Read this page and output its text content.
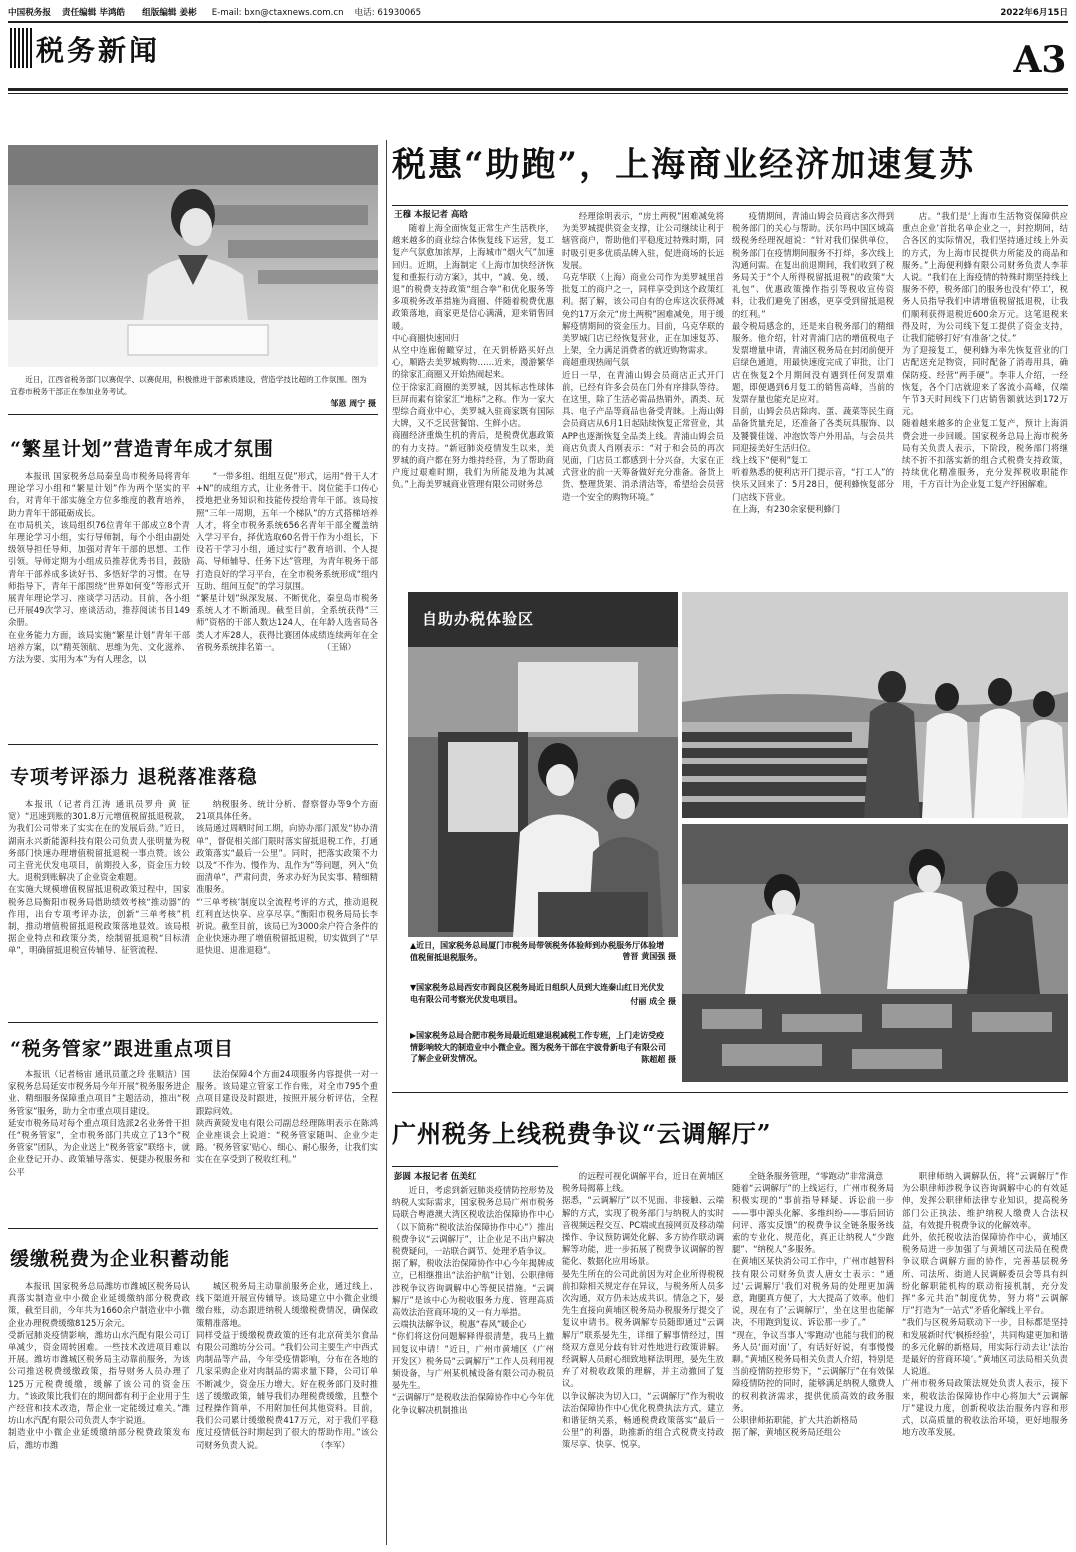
中国税务报 责任编辑 毕鸿皓 组版编辑 姜彬 E-mail: bxn@ctaxnews.com.cn 电话: 61930065	2022年6月15日
税务新闻	A3
近日，江西省税务部门以赛促学、以赛促用，积极推进干部素质建设，营造学技比超的工作氛围。图为宜春市税务干部正在参加业务考试。
邹恩 周宁 摄
“繁星计划”营造青年成才氛围
本报讯 国家税务总局秦皇岛市税务局将青年理论学习小组和“繁星计划”作为两个坚实的平台，对青年干部实施全方位多维度的教育培养，助力青年干部砥砺成长。
在市局机关，该局组织76位青年干部成立8个青年理论学习小组，实行导师制，每个小组由副处级领导担任导师，加强对青年干部的思想、工作引领。导师定期为小组成员推荐优秀书目，鼓励青年干部养成多读好书、多悟好学的习惯。在导师指导下，青年干部围绕“世界如何变”等形式开展青年理论学习、座谈学习活动。目前，各小组已开展49次学习、座谈活动，推荐阅读书目149余册。
在业务能力方面，该局实施“繁星计划”青年干部培养方案，以“精英领航、思维为先、文化滋养、方法为要、实用为本”为有人理念，以
“一带多组、组组互促”形式，运用“骨干人才+N”的成组方式，让业务骨干、岗位能手口传心授地把业务知识和技能传授给青年干部。该局按照“三年一周期，五年一个梯队”的方式搭梯培养人才，将全市税务系统656名青年干部全覆盖纳入学习平台，择优选取60名骨干作为小组长，下设若干学习小组，通过实行“教育培训、个人提高、导师辅导、任务下达”管理，为青年税务干部打造良好的学习平台，在全市税务系统形成“组内互助、组间互促”的学习氛围。
“繁星计划”纵深发展、不断优化，秦皇岛市税务系统人才不断涌现。截至目前，全系统获得“三师”资格的干部人数达124人，在年龄人选省局各类人才库28人，获得比赛团体成绩连续两年在全省税务系统排名第一。                （王锦）
专项考评添力 退税落准落稳
本报讯（记者肖江涛 通讯员罗舟 黄 征宽）“迅速到账的301.8万元增值税留抵退税款，为我们公司带来了实实在在的发展后劲。”近日，湖南永兴新能源科技有限公司负责人张明量为税务部门快速办理增值税留抵退税一事点赞。该公司主营光伏发电项目，前期投入多，资金压力较大。退税到账解决了企业资金难题。
在实施大规模增值税留抵退税政策过程中，国家税务总局衡阳市税务局借助绩效考核“推动器”的作用，出台专项考评办法，创新“三单考核”机制，推动增值税留抵退税政策落地显效。该局根据企业特点和政策分类，绘制留抵退税“目标清单”，明确留抵退税宣传辅导、征管流程、
纳税服务、统计分析、督察督办等9个方面21项具体任务。
该局通过周晒时间工期，向协办部门派发“协办清单”，督促相关部门限时落实留抵退税工作，打通政策落实“最后一公里”。同时，把落实政策不力以及“不作为、慢作为、乱作为”等问题，列入“负面清单”，严肃问责，务求办好为民实事、精细精准服务。
“‘三单考核’制度以全流程考评的方式，推动退税红利直达快享、应享尽享。”衡阳市税务局局长李祈说。截至目前，该局已为3000余户符合条件的企业快速办理了增值税留抵退税，切实做到了“早退快退、退准退稳”。
“税务管家”跟进重点项目
本报讯（记者杨宙 通讯员董之玲 张顺洁）国家税务总局延安市税务局今年开展“税务服务进企业、精细服务保障重点项目”主题活动，推出“税务管家”服务，助力全市重点项目建设。
延安市税务局对每个重点项目选派2名业务骨干担任“税务管家”，全市税务部门共成立了13个“税务管家”团队，为企业送上“税务管家”联络卡，就企业登记开办、政策辅导落实、便捷办税服务和公平
法治保障4个方面24项服务内容提供一对一服务。该局建立管家工作台账，对全市795个重点项目建设及时跟进，按照开展分析评估，全程跟踪问效。
陕西黄陵发电有限公司副总经理陈明表示在陈鸿企业座谈会上说道：“税务管家随叫、企业少走路。‘税务管家’贴心、细心、耐心服务，让我们实实在在享受到了税收红利。”
缓缴税费为企业积蓄动能
本报讯 国家税务总局潍坊市潍城区税务局认真落实制造业中小微企业延缓缴纳部分税费政策，截至目前，今年共为1660余户制造业中小微企业办理税费缓缴8125万余元。
受新冠肺炎疫情影响，潍坊山水汽配有限公司订单减少，资金周转困难。一些技术改进项目难以开展。潍坊市潍城区税务局主动靠前服务，为该公司推送税费缓缴政策，指导财务人员办理了125万元税费缓缴，缓解了该公司的资金压力。“该政策比我们在的期间都有利于企业用于生产经营和技术改造，帮企业一定能缓过难关。”潍坊山水汽配有限公司负责人李宇说道。
制造业中小微企业延缓缴纳部分税费政策发布后，潍坊市潍
城区税务局主动靠前服务企业，通过线上、线下渠道开展宣传辅导。该局建立中小微企业缓缴台账，动态跟进纳税人缓缴税费情况，确保政策精准落地。
同样受益于缓缴税费政策的还有北京荷美尔食品有限公司潍坊分公司。“我们公司主要生产中西式肉制品等产品，今年受疫情影响，分布在各地的几家采购企业对肉制品的需求量下降，公司订单不断减少，资金压力增大。好在税务部门及时推送了缓缴政策，辅导我们办理税费缓缴，且整个过程操作简单，不用附加任何其他资料。目前，我们公司累计缓缴税费417万元，对于我们平稳度过疫情低谷时期起到了很大的帮助作用。”该公司财务负责人说。                    （李军）
税惠“助跑”，上海商业经济加速复苏
王穆 本报记者 高晗
随着上海全面恢复正常生产生活秩序，越来越多的商业综合体恢复线下运营，复工复产气氛愈加浓厚，上海城市“烟火气”加速回归。近期，上海制定《上海市加快经济恢复和重振行动方案》，其中，“减、免、缓、退”的税费支持政策“组合拳”和优化服务等多项税务改革措施为商圈、伴随着税费优惠政策落地，商家更是信心满满，迎来销售回暖。
中心商圈快速回归
从空中连廊俯瞰穿过，在天钥桥路买好点心，顺路去美罗城购物……近来，漫游繁华的徐家汇商圈又开始热闹起来。
位于徐家汇商圈的美罗城，因其标志性球体巨屏而素有徐家汇“地标”之称。作为一家大型综合商业中心，美罗城入驻商家既有国际大牌，又不乏民营餐馆、生鲜小店。
商圈经济重焕生机的背后，是税费优惠政策的有力支持。“新冠肺炎疫情发生以来，美罗城的商户都在努力维持经营，为了帮助商户度过艰难时期，我们为所能及地为其减负。”上海美罗城商业管理有限公司财务总
经理徐明表示，“房土两税”困难减免将为美罗城提供资金支撑，让公司继续让利于辖管商户，帮助他们平稳度过特殊时期，同时吸引更多优质品牌入驻，促进商场的长远发展。
乌克华联（上海）商业公司作为美罗城里首批复工的商户之一，同样享受到这个政策红利。据了解，该公司自有的仓库这次获得减免约17万余元“房土两税”困难减免，用于缓解疫情期间的资金压力。目前，乌克华联的美罗城门店已经恢复营业，正在加速复苏、上架，全力满足消费者的就近购物需求。
商超重现热闹气氛
近日一早，在青浦山姆会员商店正式开门前，已经有许多会员在门外有序排队等待。在这里，除了生活必需品热销外，酒类、玩具、电子产品等商品也备受青睐。上海山姆会员商店从6月1日起陆续恢复正常营业，其APP也逐渐恢复全品类上线。青浦山姆会员商店负责人肖刚表示：“对于和会员的再次见面，门店员工都感到十分兴奋，大家在正式营业的前一天筹备做好充分准备。备货上货、整理货架、消杀清洁等，希望给会员营造一个安全的购物环境。”
疫情期间，青浦山姆会员商店多次得到税务部门的关心与帮助。沃尔玛中国区域高级税务经理祝超说：“针对我们保供单位，税务部门在疫情期间服务不打烊，多次线上沟通问需。在复出前退期间，我们收到了税务局关于“个人所得税留抵退税”的政策“大礼包”、优惠政策操作指引等税收宣传资料，让我们避免了困惑，更享受到留抵退税的红利。”
最令税局感念的，还是来自税务部门的精细服务。他介绍，针对青浦门店的增值税电子发票增量申请，青浦区税务局在封闭前便开启绿色通道，用最快速度完成了审批，让门店在恢复2个月期间没有遇到任何发票难题，即便遇到6月复工的销售高峰，当前的发票存量也能充足应对。
目前，山姆会员店除肉、蛋、蔬菜等民生商品备货量充足，还准备了各类玩具服饰、以及饕餮佳馐、冲泡饮等户外用品，与会员共同迎接美好生活归位。
线上线下“便利”复工
听着熟悉的便利店开门提示音，“打工人”的快乐又回来了：5月28日，便利蜂恢复部分门店线下营业。
在上海，有230余家便利蜂门
店。“我们是‘上海市生活物资保障供应重点企业’首批名单企业之一，封控期间，结合各区的实际情况，我们坚持通过线上外卖的方式，为上海市民提供力所能及的商品和服务。”上海便利蜂有限公司财务负责人李菲人说。“我们在上海疫情的特殊时期坚持线上服务不停，税务部门的服务也没有‘停工’，税务人员指导我们申请增值税留抵退税，让我们顺利获得退税近600余万元。这笔退税来得及时，为公司线下复工提供了资金支持，让我们能够打好‘有准备’之仗。”
为了迎接复工，便利蜂为率先恢复营业的门店配送充足物资，同时配备了消毒用具，确保防疫、经营“两手硬”。李菲人介绍，一经恢复，各个门店就迎来了客流小高峰，仅端午节3天时间线下门店销售额就达到172万元。
随着越来越多的企业复工复产，预计上海消费会进一步回暖。国家税务总局上海市税务局有关负责人表示，下阶段，税务部门将继续不折不扣落实新的组合式税费支持政策，持续优化精准服务，充分发挥税收职能作用，千方百计为企业复工复产纾困解难。
自助办税体验区
▲近日，国家税务总局厦门市税务局带领税务体验师到办税服务厅体验增值税留抵退税服务。	曾晋 黄国强 摄
▼国家税务总局西安市阎良区税务局近日组织人员到大连秦山红日光伏发电有限公司考察光伏发电项目。	付丽 成全 摄
▶国家税务总局合肥市税务局最近组建退税减税工作专班，上门走访受疫情影响较大的制造业中小微企业。图为税务干部在宇波骨新电子有限公司了解企业研发情况。	陈超超 摄
广州税务上线税费争议“云调解厅”
彭圆 本报记者 伍美红
近日，考虑到新冠肺炎疫情防控形势及纳税人实际需求，国家税务总局广州市税务局联合粤港澳大湾区税收法治保障协作中心（以下简称“税收法治保障协作中心”）推出税费争议“云调解厅”，让企业足不出户解决税费疑问，一站联合调节、处理矛盾争议。
据了解，税收法治保障协作中心今年揭牌成立，已相继推出“法治护航”计划、公职律师涉税争议咨询调解中心等便民措施。“云调解厅”是该中心为税收服务力度、管理高质高效法治营商环境的又一有力举措。
云端执法解争议，税惠“春风”暖企心
“你们将这份问题解释得很清楚，我马上撤回复议申请！”近日，广州市黄埔区（广州开发区）税务局“云调解厅”工作人员利用视频设备，与广州某机械设备有限公司办税员晏先生。
“云调解厅”是税收法治保障协作中心今年优化争议解决机制推出
的远程可视化调解平台，近日在黄埔区税务局揭幕上线。
据悉，“云调解厅”以不见面、非接触、云端解的方式，实现了税务部门与纳税人的实时音视频远程交互、PC端或直接网页及移动端操作、争议预防调处化解、多方协作联动调解等功能，进一步拓展了税费争议调解的智能化、数据化应用场景。
晏先生所在的公司此前因为对企业所得税税前扣除相关规定存在异议，与税务所人员多次沟通，双方仍未达成共识。情急之下，晏先生直接向黄埔区税务局办税服务厅提交了复议申请书。税务调解专员随即通过“云调解厅”联系晏先生，详细了解事情经过，围绕双方意见分歧有针对性地进行政策讲解。经调解人员耐心细致地释法明理，晏先生放弃了对税收政策的理解，并主动撤回了复议。
以争议解决为切入口，“云调解厅”作为税收法治保障协作中心优化税费执法方式，建立和谐征纳关系，畅通税费政策落实“最后一公里”的利器，助推新的组合式税费支持政策尽享、快享、悦享。
全链条服务管理，“零跑动”非常满意
随着“云调解厅”的上线运行，广州市税务局积极实现的“事前指导释疑、诉讼前一步——事中源头化解、多维纠纷——事后回访问评、落实反馈”的税费争议全链条服务线索的专业化、规范化，真正让纳税人“少跑腿”、“纳税人”多服务。
在黄埔区某快消公司工作中，广州市越智科技有限公司财务负责人唐女士表示：“通过‘云调解厅’我们对税务局的处理更加满意，跑腿真方便了，大大提高了效率。他们说，现在有了‘云调解厅’，坐在这里也能解决，不用跑到复议、诉讼那一步了。”
“现在，争议当事人‘零跑动’也能与我们的税务人员‘面对面’了，有话好好说，有事慢慢聊。”黄埔区税务局相关负责人介绍，特别是当前疫情防控形势下，“云调解厅”在有效保障疫情防控的同时，能够满足纳税人缴费人的权利救济需求，提供优质高效的政务服务。
公职律师拓职能，扩大共治新格局
据了解，黄埔区税务局还组公
职律师纳入调解队伍，将“云调解厅”作为公职律师涉税争议咨询调解中心的有效延伸，发挥公职律师法律专业知识，提高税务部门公正执法、维护纳税人缴费人合法权益，有效提升税费争议的化解效率。
此外，依托税收法治保障协作中心，黄埔区税务局进一步加强了与黄埔区司法局在税费争议联合调解方面的协作，完善基层税务所、司法所、街道人民调解委员会等具有纠纷化解职能机构的联动衔接机制，充分发挥“多元共治”制度优势，努力将“云调解厅”打造为“一站式”矛盾化解线上平台。
“我们与区税务局联动下一步，目标都是坚持和发展新时代‘枫桥经验’，共同构建更加和谐的多元化解的新格局，用实际行动去让‘法治是最好的营商环境’。”黄埔区司法局相关负责人说道。
广州市税务局政策法规处负责人表示，接下来，税收法治保障协作中心将加大“云调解厅”建设力度，创新税收法治服务内容和形式，以高质量的税收法治环境，更好地服务地方改革发展。
